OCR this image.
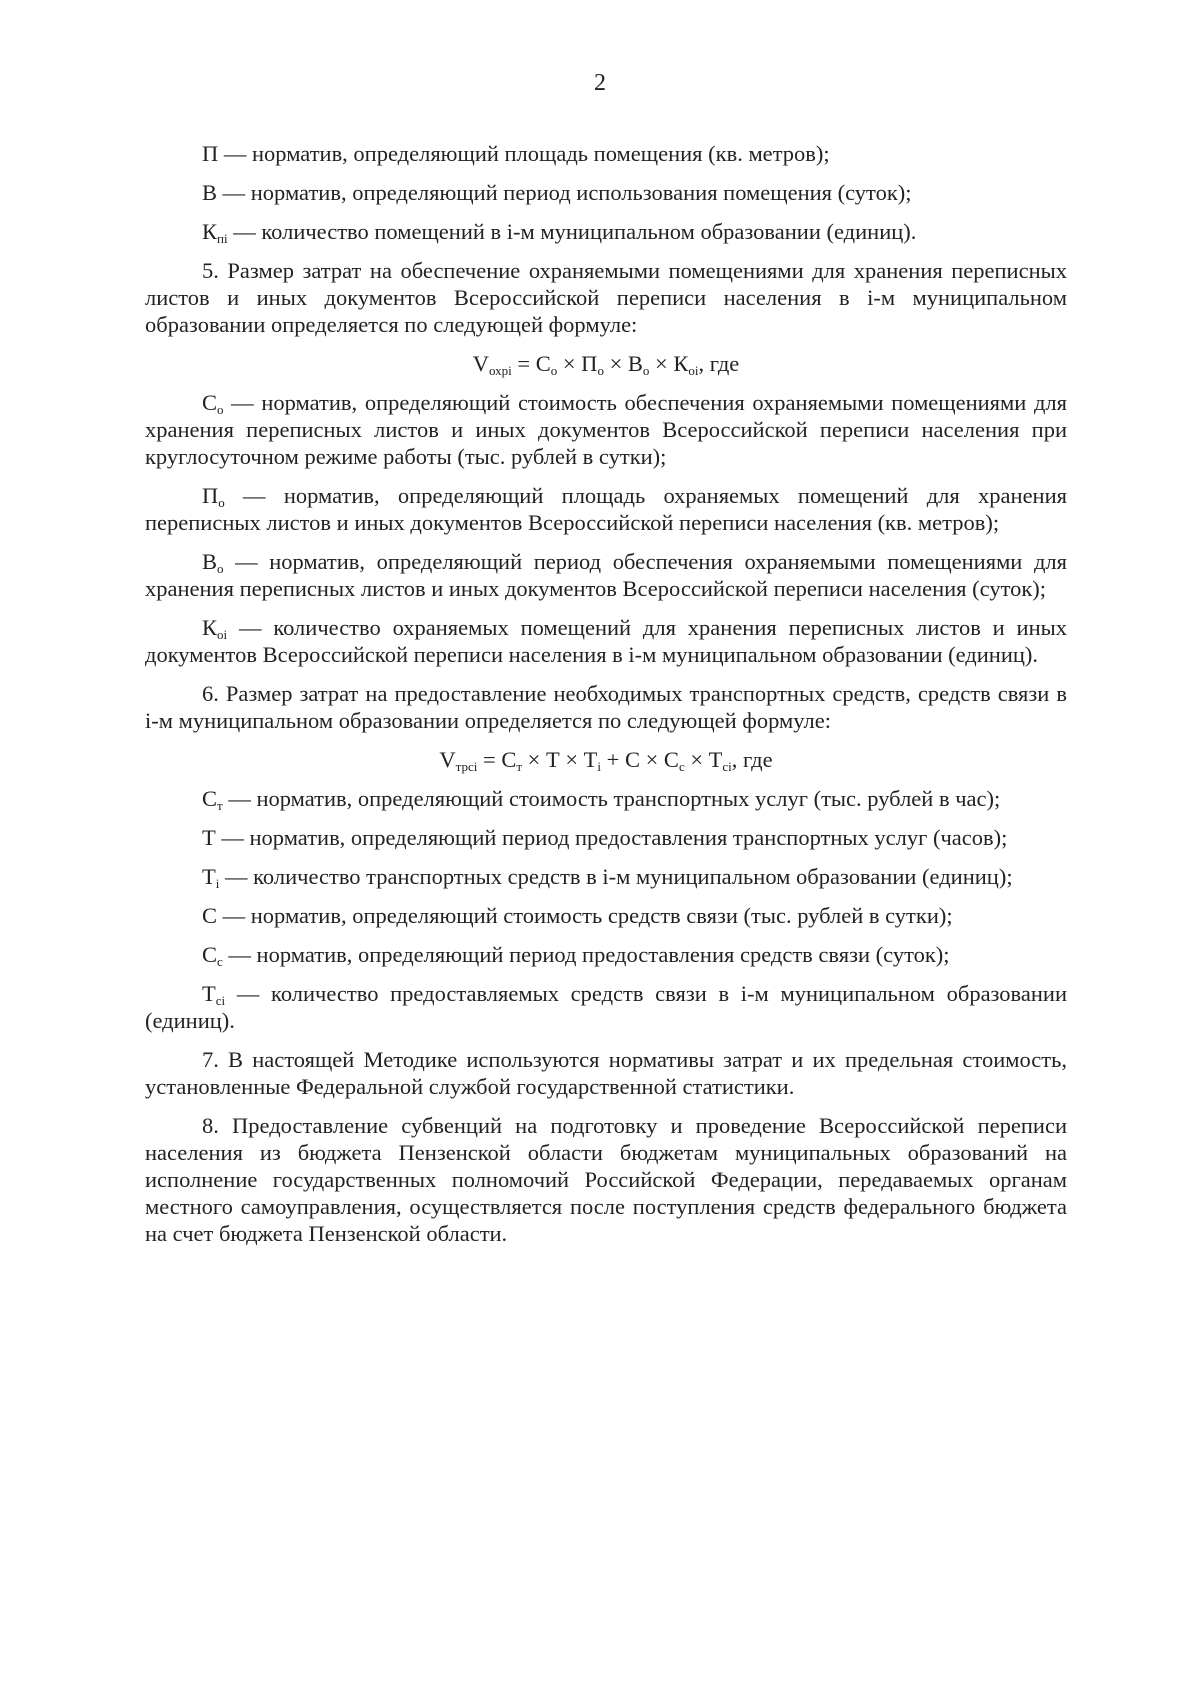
2

П — норматив, определяющий площадь помещения (кв. метров);

В — норматив, определяющий период использования помещения (суток);

$К_{пi}$ — количество помещений в i-м муниципальном образовании (единиц).

5. Размер затрат на обеспечение охраняемыми помещениями для хранения переписных листов и иных документов Всероссийской переписи населения в i-м муниципальном образовании определяется по следующей формуле:

$V_{охрi} = С_о \times П_о \times В_о \times К_{оi}$, где

$С_о$ — норматив, определяющий стоимость обеспечения охраняемыми помещениями для хранения переписных листов и иных документов Всероссийской переписи населения при круглосуточном режиме работы (тыс. рублей в сутки);

$П_о$ — норматив, определяющий площадь охраняемых помещений для хранения переписных листов и иных документов Всероссийской переписи населения (кв. метров);

$В_о$ — норматив, определяющий период обеспечения охраняемыми помещениями для хранения переписных листов и иных документов Всероссийской переписи населения (суток);

$К_{оi}$ — количество охраняемых помещений для хранения переписных листов и иных документов Всероссийской переписи населения в i-м муниципальном образовании (единиц).

6. Размер затрат на предоставление необходимых транспортных средств, средств связи в i-м муниципальном образовании определяется по следующей формуле:

$V_{трсi} = С_т \times Т \times Т_i + С \times С_с \times Т_{сi}$, где

$С_т$ — норматив, определяющий стоимость транспортных услуг (тыс. рублей в час);

Т — норматив, определяющий период предоставления транспортных услуг (часов);

$Т_i$ — количество транспортных средств в i-м муниципальном образовании (единиц);

С — норматив, определяющий стоимость средств связи (тыс. рублей в сутки);

$С_с$ — норматив, определяющий период предоставления средств связи (суток);

$Т_{сi}$ — количество предоставляемых средств связи в i-м муниципальном образовании (единиц).

7. В настоящей Методике используются нормативы затрат и их предельная стоимость, установленные Федеральной службой государственной статистики.

8. Предоставление субвенций на подготовку и проведение Всероссийской переписи населения из бюджета Пензенской области бюджетам муниципальных образований на исполнение государственных полномочий Российской Федерации, передаваемых органам местного самоуправления, осуществляется после поступления средств федерального бюджета на счет бюджета Пензенской области.
